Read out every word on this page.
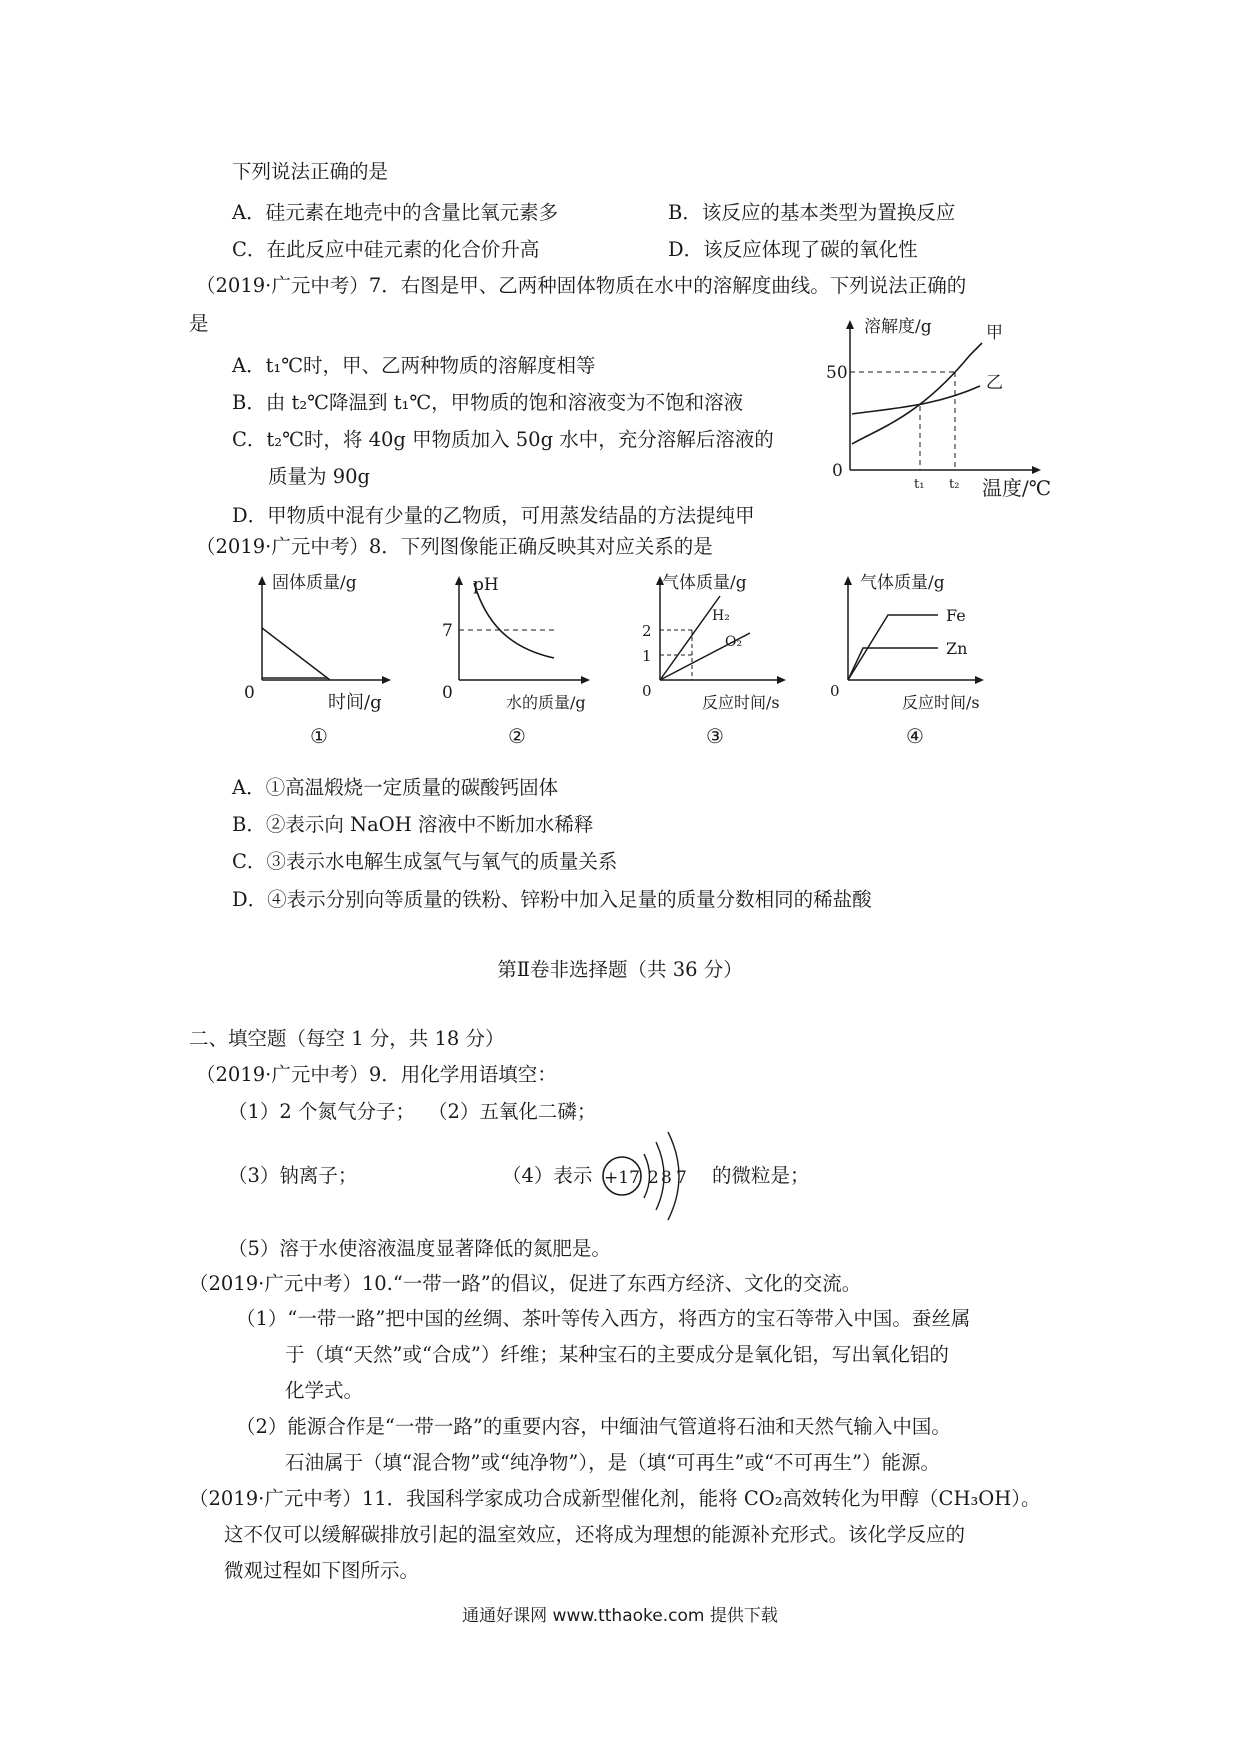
下列说法正确的是
A．硅元素在地壳中的含量比氧元素多	B．该反应的基本类型为置换反应
C．在此反应中硅元素的化合价升高	D．该反应体现了碳的氧化性
（2019·广元中考）7．右图是甲、乙两种固体物质在水中的溶解度曲线。下列说法正确的
是
A．t₁℃时，甲、乙两种物质的溶解度相等
B．由 t₂℃降温到 t₁℃，甲物质的饱和溶液变为不饱和溶液
C．t₂℃时，将 40g 甲物质加入 50g 水中，充分溶解后溶液的
质量为 90g
D．甲物质中混有少量的乙物质，可用蒸发结晶的方法提纯甲
溶解度/g
50
0
t₁ t₂ 温度/℃
甲
乙
（2019·广元中考）8．下列图像能正确反映其对应关系的是
固体质量/g
0	时间/g
①
pH
7
0	水的质量/g
②
气体质量/g
2
1
0
H₂
O₂
反应时间/s
③
气体质量/g
0
Fe
Zn
反应时间/s
④
A．①高温煅烧一定质量的碳酸钙固体
B．②表示向 NaOH 溶液中不断加水稀释
C．③表示水电解生成氢气与氧气的质量关系
D．④表示分别向等质量的铁粉、锌粉中加入足量的质量分数相同的稀盐酸
第Ⅱ卷非选择题（共 36 分）
二、填空题（每空 1 分，共 18 分）
（2019·广元中考）9．用化学用语填空：
（1）2 个氮气分子； （2）五氧化二磷；
（3）钠离子；	（4）表示 +17 2 8 7 的微粒是；
（5）溶于水使溶液温度显著降低的氮肥是。
（2019·广元中考）10.“一带一路”的倡议，促进了东西方经济、文化的交流。
（1）“一带一路”把中国的丝绸、茶叶等传入西方，将西方的宝石等带入中国。蚕丝属
于（填“天然”或“合成”）纤维；某种宝石的主要成分是氧化铝，写出氧化铝的
化学式。
（2）能源合作是“一带一路”的重要内容，中缅油气管道将石油和天然气输入中国。
石油属于（填“混合物”或“纯净物”），是（填“可再生”或“不可再生”）能源。
（2019·广元中考）11．我国科学家成功合成新型催化剂，能将 CO₂高效转化为甲醇（CH₃OH）。
这不仅可以缓解碳排放引起的温室效应，还将成为理想的能源补充形式。该化学反应的
微观过程如下图所示。
通通好课网 www.tthaoke.com 提供下载
